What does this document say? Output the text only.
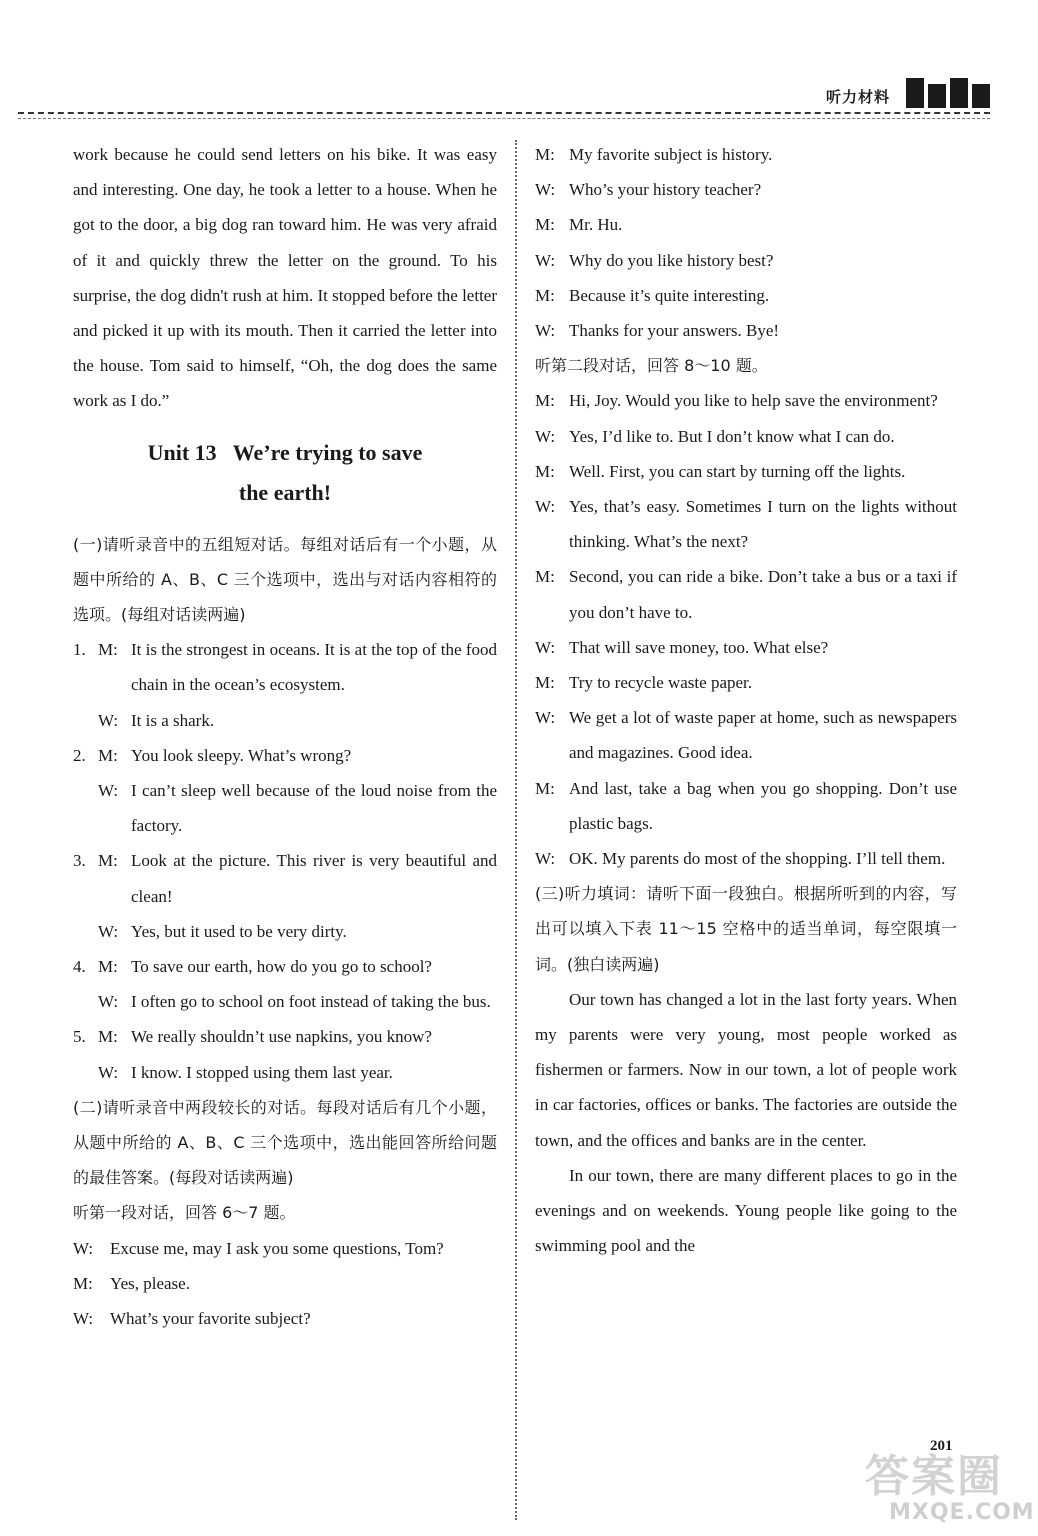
听力材料

work because he could send letters on his bike. It was easy and interesting. One day, he took a letter to a house. When he got to the door, a big dog ran toward him. He was very afraid of it and quickly threw the letter on the ground. To his surprise, the dog didn't rush at him. It stopped before the letter and picked it up with its mouth. Then it carried the letter into the house. Tom said to himself, “Oh, the dog does the same work as I do.”

Unit 13   We’re trying to save
the earth!

(一)请听录音中的五组短对话。每组对话后有一个小题，从题中所给的 A、B、C 三个选项中，选出与对话内容相符的选项。(每组对话读两遍)

1. M: It is the strongest in oceans. It is at the top of the food chain in the ocean’s ecosystem.
W: It is a shark.
2. M: You look sleepy. What’s wrong?
W: I can’t sleep well because of the loud noise from the factory.
3. M: Look at the picture. This river is very beautiful and clean!
W: Yes, but it used to be very dirty.
4. M: To save our earth, how do you go to school?
W: I often go to school on foot instead of taking the bus.
5. M: We really shouldn’t use napkins, you know?
W: I know. I stopped using them last year.

(二)请听录音中两段较长的对话。每段对话后有几个小题，从题中所给的 A、B、C 三个选项中，选出能回答所给问题的最佳答案。(每段对话读两遍)

听第一段对话，回答 6～7 题。

W: Excuse me, may I ask you some questions, Tom?
M:	Yes, please.
W: What’s your favorite subject?
M: My favorite subject is history.
W: Who’s your history teacher?
M: Mr. Hu.
W: Why do you like history best?
M: Because it’s quite interesting.
W: Thanks for your answers. Bye!

听第二段对话，回答 8～10 题。

M: Hi, Joy. Would you like to help save the environment?
W: Yes, I’d like to. But I don’t know what I can do.
M: Well. First, you can start by turning off the lights.
W: Yes, that’s easy. Sometimes I turn on the lights without thinking. What’s the next?
M: Second, you can ride a bike. Don’t take a bus or a taxi if you don’t have to.
W: That will save money, too. What else?
M: Try to recycle waste paper.
W: We get a lot of waste paper at home, such as newspapers and magazines. Good idea.
M: And last, take a bag when you go shopping. Don’t use plastic bags.
W: OK. My parents do most of the shopping. I’ll tell them.

(三)听力填词：请听下面一段独白。根据所听到的内容，写出可以填入下表 11～15 空格中的适当单词，每空限填一词。(独白读两遍)

Our town has changed a lot in the last forty years. When my parents were very young, most people worked as fishermen or farmers. Now in our town, a lot of people work in car factories, offices or banks. The factories are outside the town, and the offices and banks are in the center.

In our town, there are many different places to go in the evenings and on weekends. Young people like going to the swimming pool and the

201
答案圈
MXQE.COM
